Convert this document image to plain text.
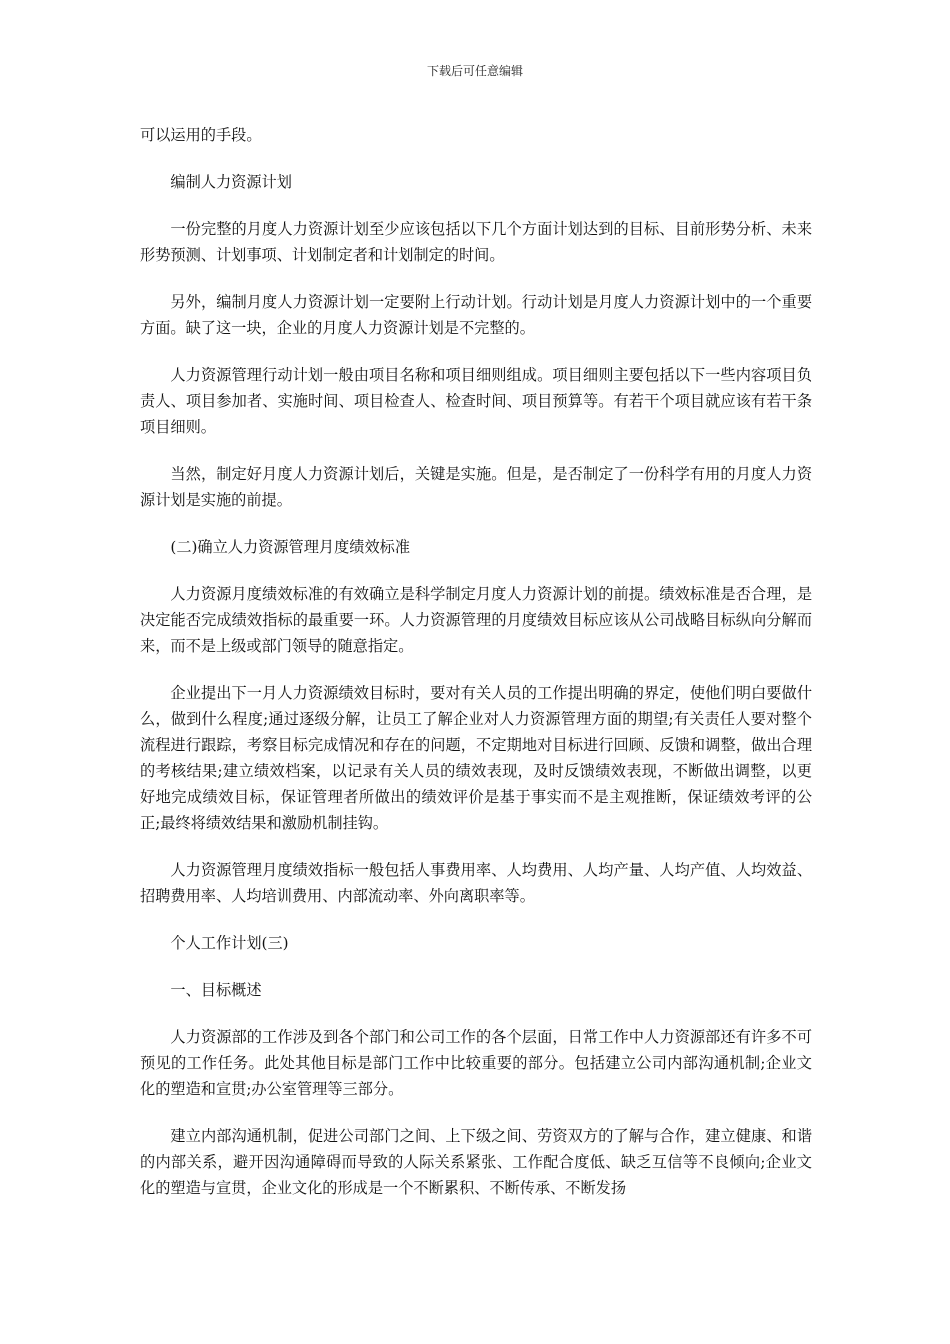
下载后可任意编辑

可以运用的手段。

编制人力资源计划

一份完整的月度人力资源计划至少应该包括以下几个方面计划达到的目标、目前形势分析、未来形势预测、计划事项、计划制定者和计划制定的时间。

另外，编制月度人力资源计划一定要附上行动计划。行动计划是月度人力资源计划中的一个重要方面。缺了这一块，企业的月度人力资源计划是不完整的。

人力资源管理行动计划一般由项目名称和项目细则组成。项目细则主要包括以下一些内容项目负责人、项目参加者、实施时间、项目检查人、检查时间、项目预算等。有若干个项目就应该有若干条项目细则。

当然，制定好月度人力资源计划后，关键是实施。但是，是否制定了一份科学有用的月度人力资源计划是实施的前提。

(二)确立人力资源管理月度绩效标准

人力资源月度绩效标准的有效确立是科学制定月度人力资源计划的前提。绩效标准是否合理，是决定能否完成绩效指标的最重要一环。人力资源管理的月度绩效目标应该从公司战略目标纵向分解而来，而不是上级或部门领导的随意指定。

企业提出下一月人力资源绩效目标时，要对有关人员的工作提出明确的界定，使他们明白要做什么，做到什么程度;通过逐级分解，让员工了解企业对人力资源管理方面的期望;有关责任人要对整个流程进行跟踪，考察目标完成情况和存在的问题，不定期地对目标进行回顾、反馈和调整，做出合理的考核结果;建立绩效档案，以记录有关人员的绩效表现，及时反馈绩效表现，不断做出调整，以更好地完成绩效目标，保证管理者所做出的绩效评价是基于事实而不是主观推断，保证绩效考评的公正;最终将绩效结果和激励机制挂钩。

人力资源管理月度绩效指标一般包括人事费用率、人均费用、人均产量、人均产值、人均效益、招聘费用率、人均培训费用、内部流动率、外向离职率等。

个人工作计划(三)

一、目标概述

人力资源部的工作涉及到各个部门和公司工作的各个层面，日常工作中人力资源部还有许多不可预见的工作任务。此处其他目标是部门工作中比较重要的部分。包括建立公司内部沟通机制;企业文化的塑造和宣贯;办公室管理等三部分。

建立内部沟通机制，促进公司部门之间、上下级之间、劳资双方的了解与合作，建立健康、和谐的内部关系，避开因沟通障碍而导致的人际关系紧张、工作配合度低、缺乏互信等不良倾向;企业文化的塑造与宣贯，企业文化的形成是一个不断累积、不断传承、不断发扬
